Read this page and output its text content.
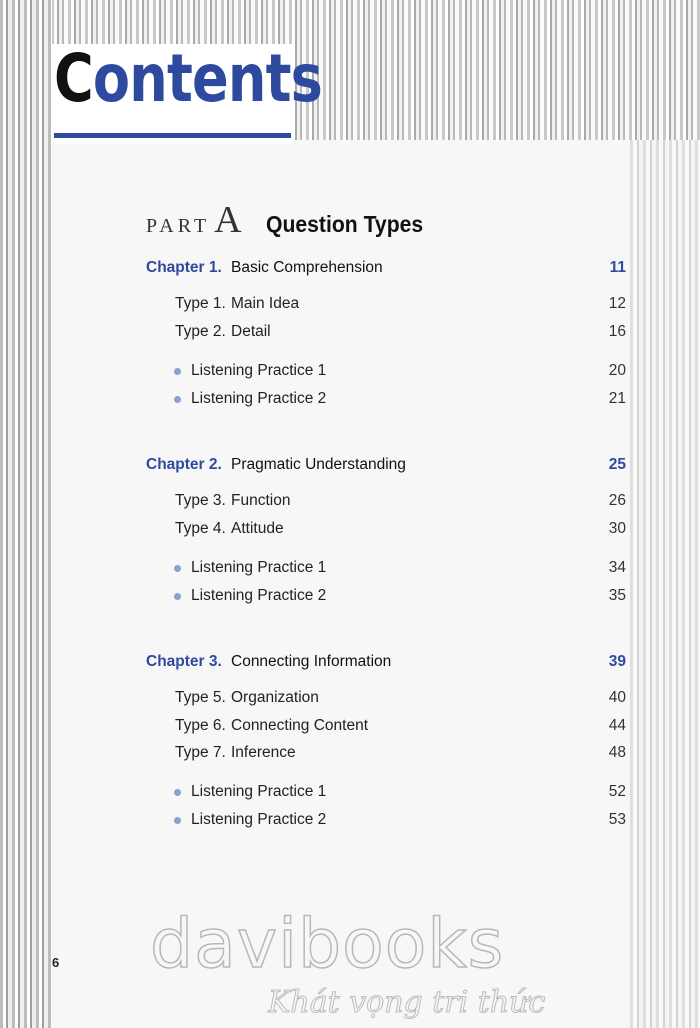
Contents
PART A Question Types
Chapter 1. Basic Comprehension	11
Type 1. Main Idea	12
Type 2. Detail	16
Listening Practice 1	20
Listening Practice 2	21
Chapter 2. Pragmatic Understanding	25
Type 3. Function	26
Type 4. Attitude	30
Listening Practice 1	34
Listening Practice 2	35
Chapter 3. Connecting Information	39
Type 5. Organization	40
Type 6. Connecting Content	44
Type 7. Inference	48
Listening Practice 1	52
Listening Practice 2	53
davibooks
Khát vọng tri thức
6
